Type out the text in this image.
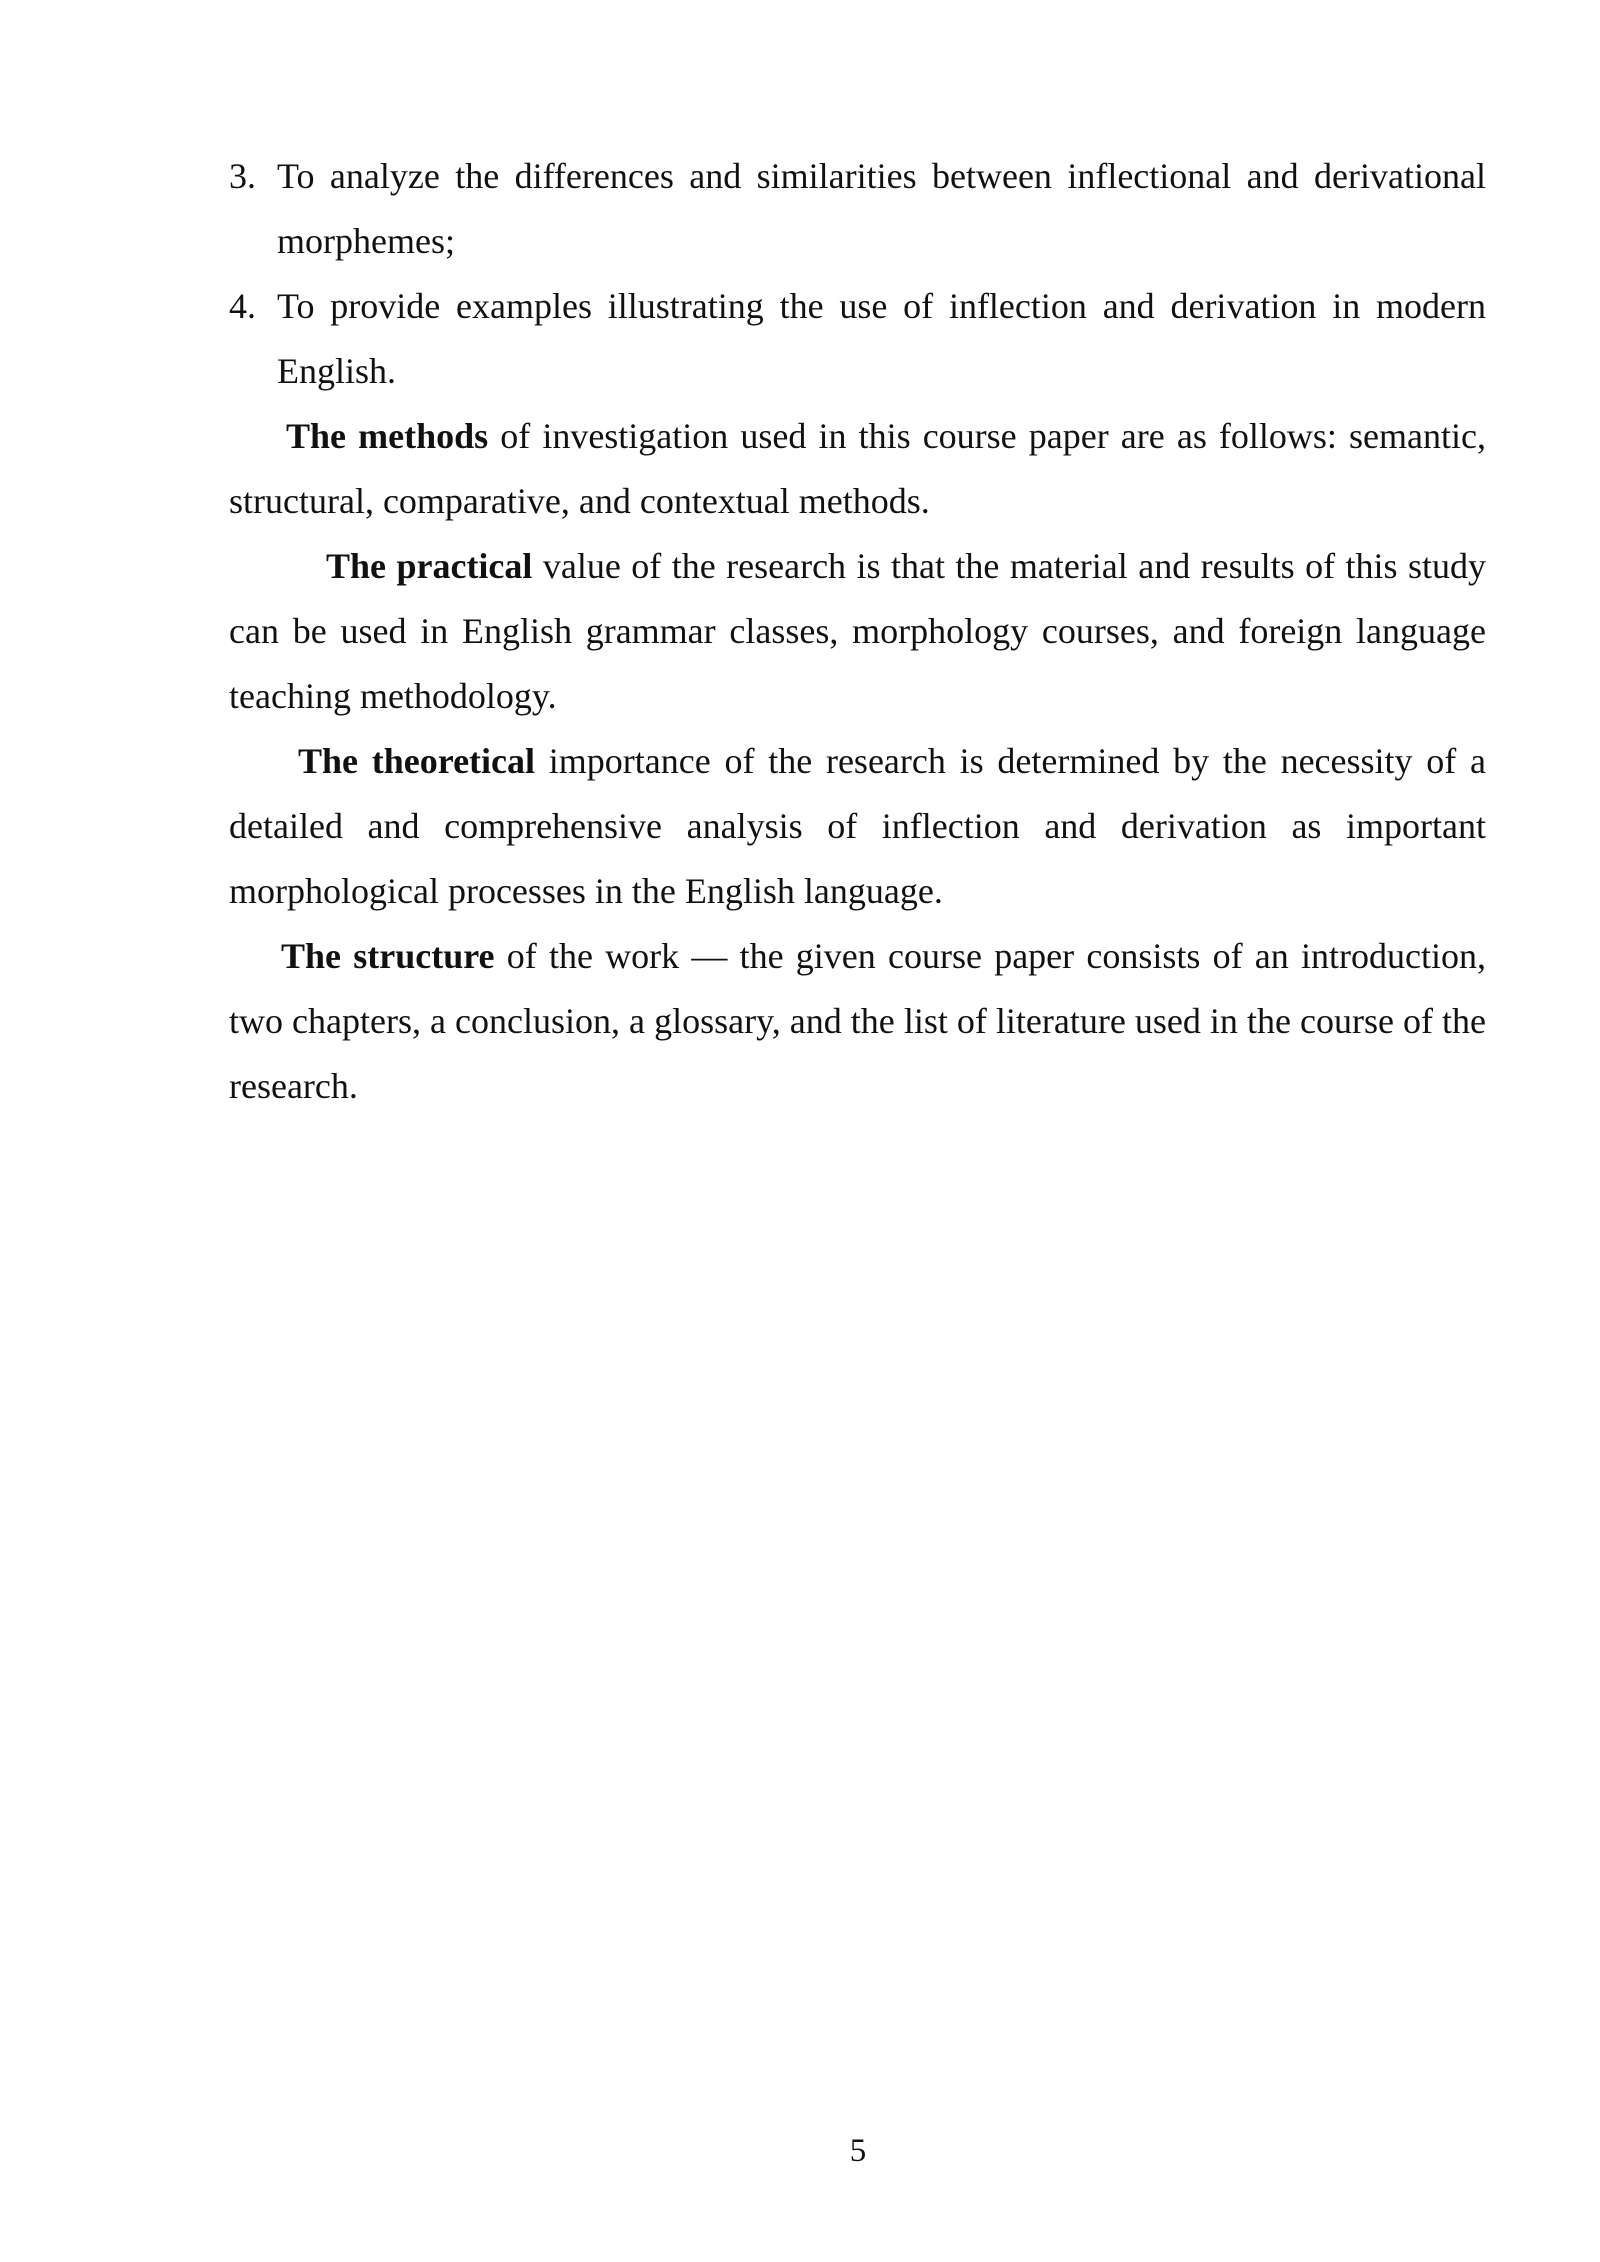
3. To analyze the differences and similarities between inflectional and derivational morphemes;
4. To provide examples illustrating the use of inflection and derivation in modern English.

The methods of investigation used in this course paper are as follows: semantic, structural, comparative, and contextual methods.

The practical value of the research is that the material and results of this study can be used in English grammar classes, morphology courses, and foreign language teaching methodology.

The theoretical importance of the research is determined by the necessity of a detailed and comprehensive analysis of inflection and derivation as important morphological processes in the English language.

The structure of the work — the given course paper consists of an introduction, two chapters, a conclusion, a glossary, and the list of literature used in the course of the research.

5
